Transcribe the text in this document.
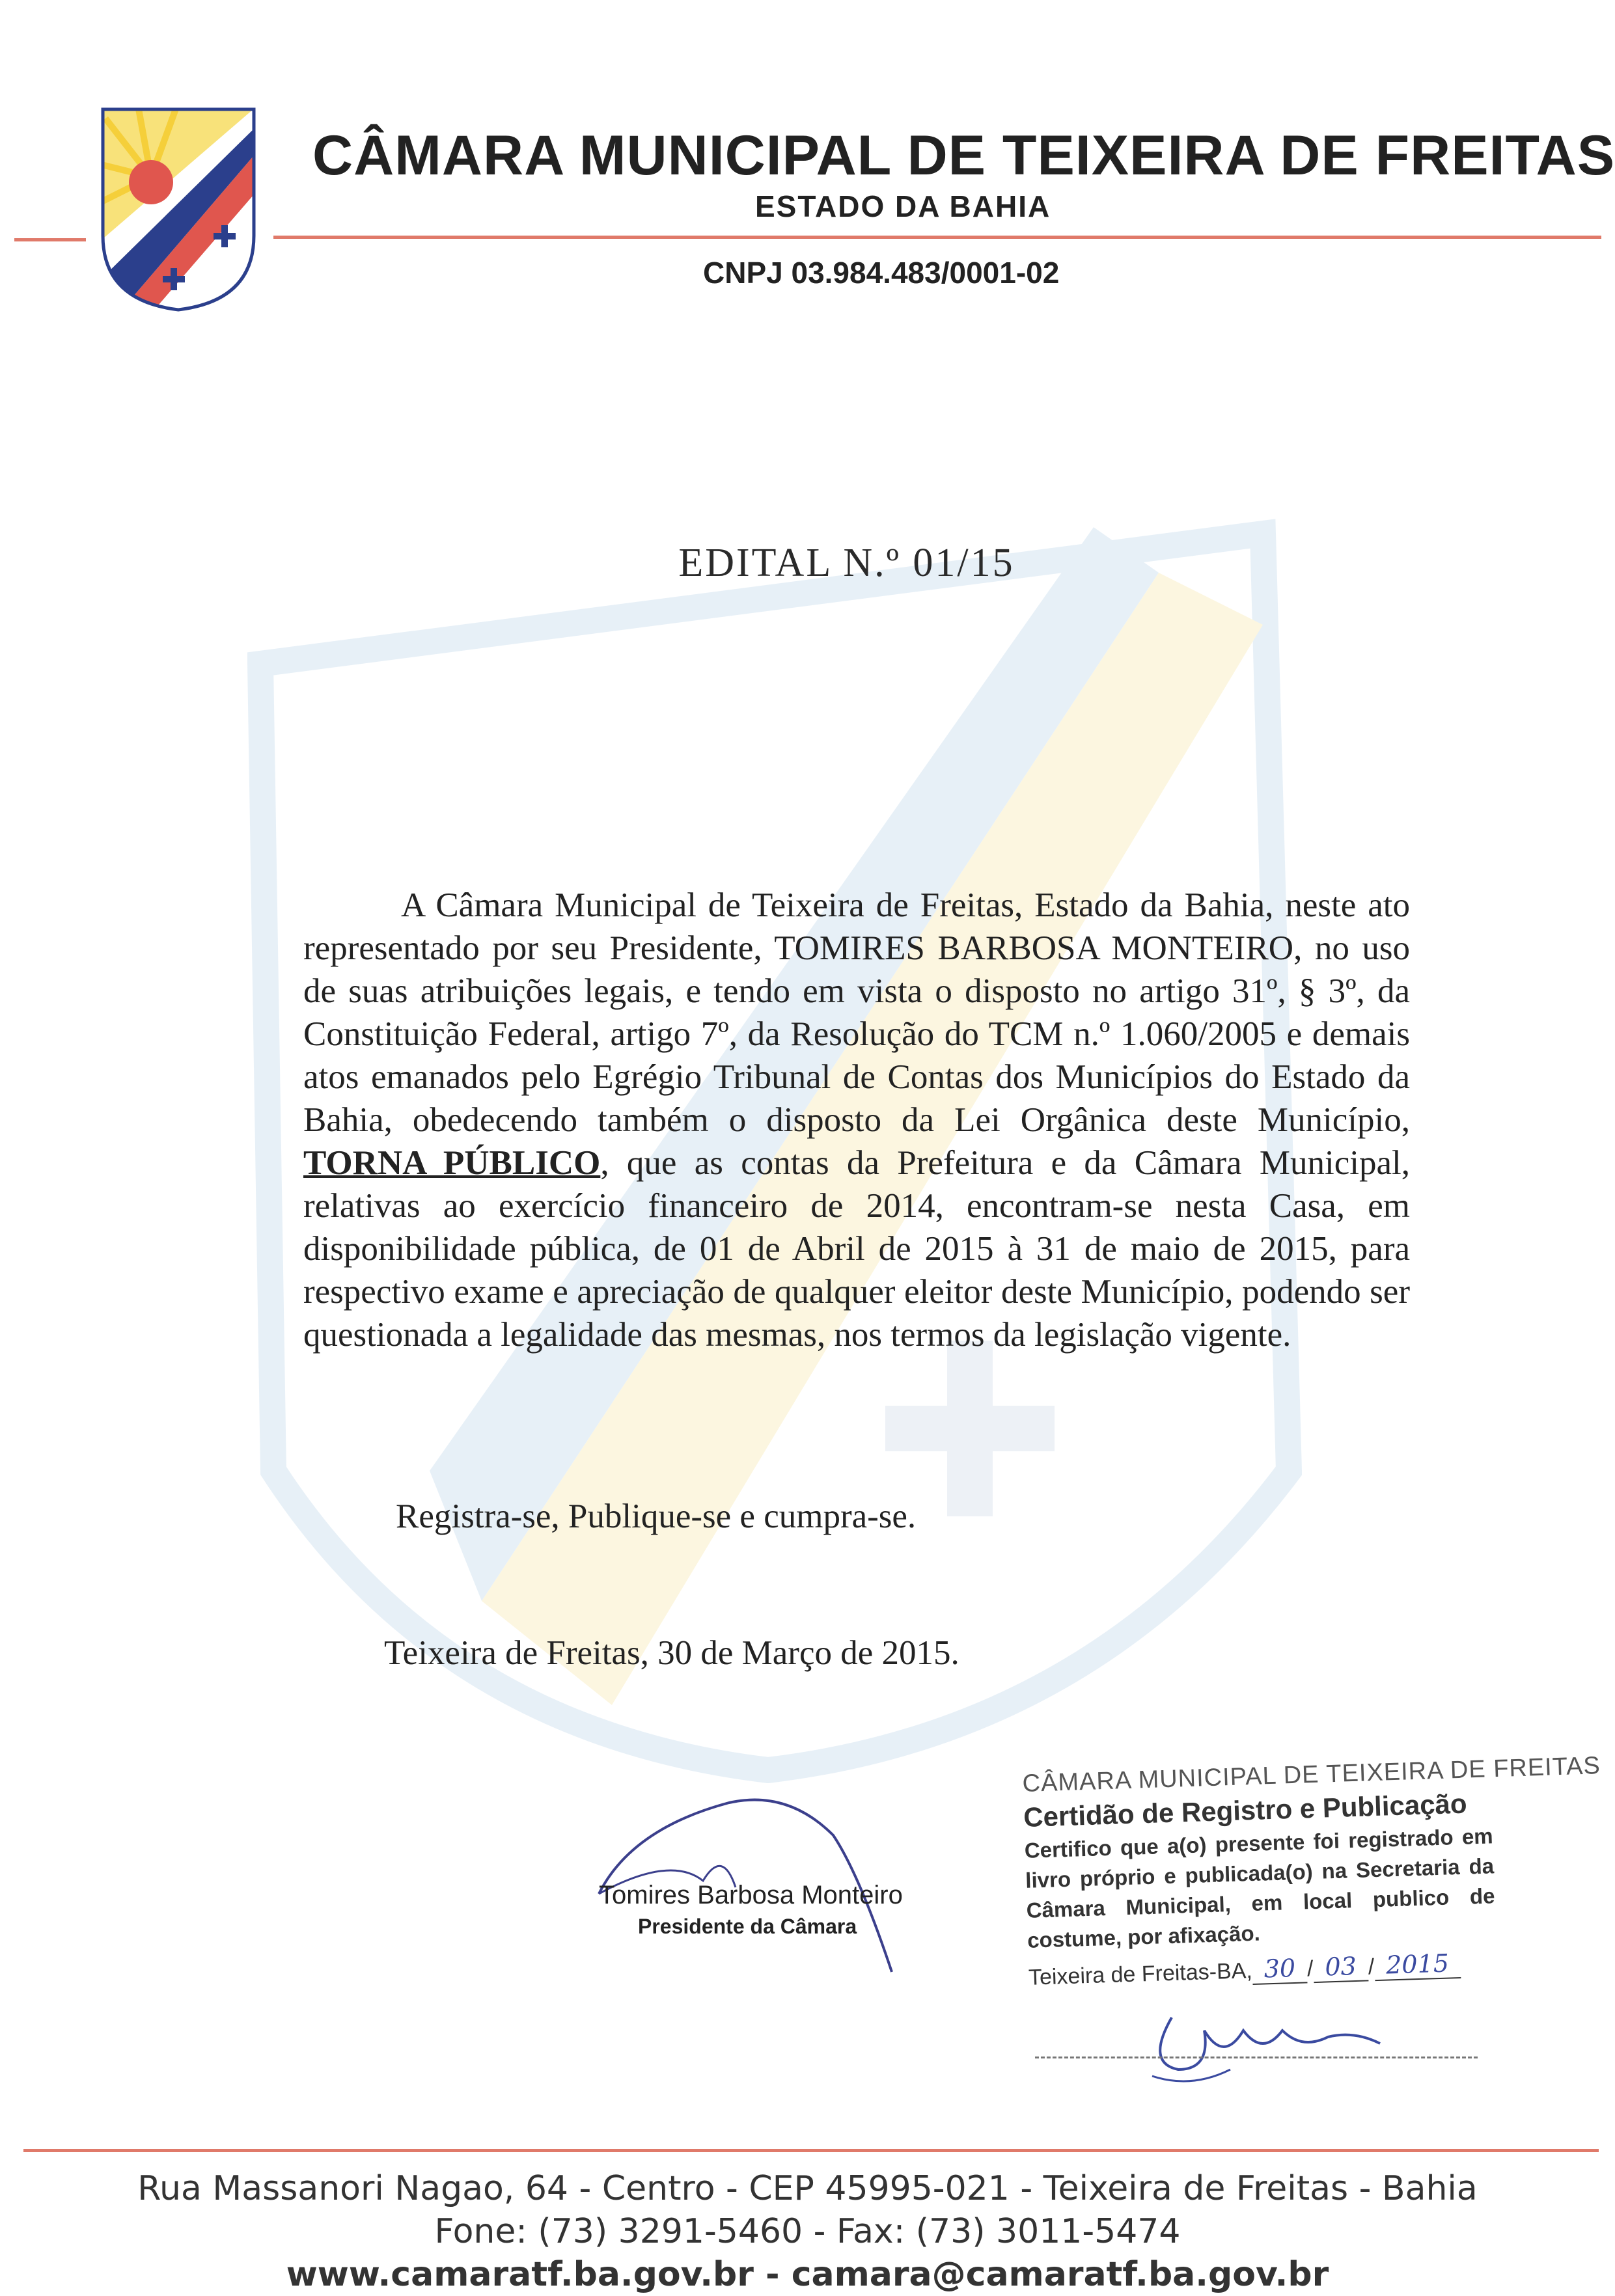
CÂMARA MUNICIPAL DE TEIXEIRA DE FREITAS
ESTADO DA BAHIA
CNPJ 03.984.483/0001-02
EDITAL N.º 01/15

A Câmara Municipal de Teixeira de Freitas, Estado da Bahia, neste ato representado por seu Presidente, TOMIRES BARBOSA MONTEIRO, no uso de suas atribuições legais, e tendo em vista o disposto no artigo 31º, § 3º, da Constituição Federal, artigo 7º, da Resolução do TCM n.º 1.060/2005 e demais atos emanados pelo Egrégio Tribunal de Contas dos Municípios do Estado da Bahia, obedecendo também o disposto da Lei Orgânica deste Município, TORNA PÚBLICO, que as contas da Prefeitura e da Câmara Municipal, relativas ao exercício financeiro de 2014, encontram-se nesta Casa, em disponibilidade pública, de 01 de Abril de 2015 à 31 de maio de 2015, para respectivo exame e apreciação de qualquer eleitor deste Município, podendo ser questionada a legalidade das mesmas, nos termos da legislação vigente.

Registra-se, Publique-se e cumpra-se.
Teixeira de Freitas, 30 de Março de 2015.
Tomires Barbosa Monteiro
Presidente da Câmara
CÂMARA MUNICIPAL DE TEIXEIRA DE FREITAS
Certidão de Registro e Publicação
Certifico que a(o) presente foi registrado em livro próprio e publicada(o) na Secretaria da Câmara Municipal, em local publico de costume, por afixação.
Teixeira de Freitas-BA, 30 / 03 / 2015
Rua Massanori Nagao, 64 - Centro - CEP 45995-021 - Teixeira de Freitas - Bahia
Fone: (73) 3291-5460 - Fax: (73) 3011-5474
www.camaratf.ba.gov.br - camara@camaratf.ba.gov.br
